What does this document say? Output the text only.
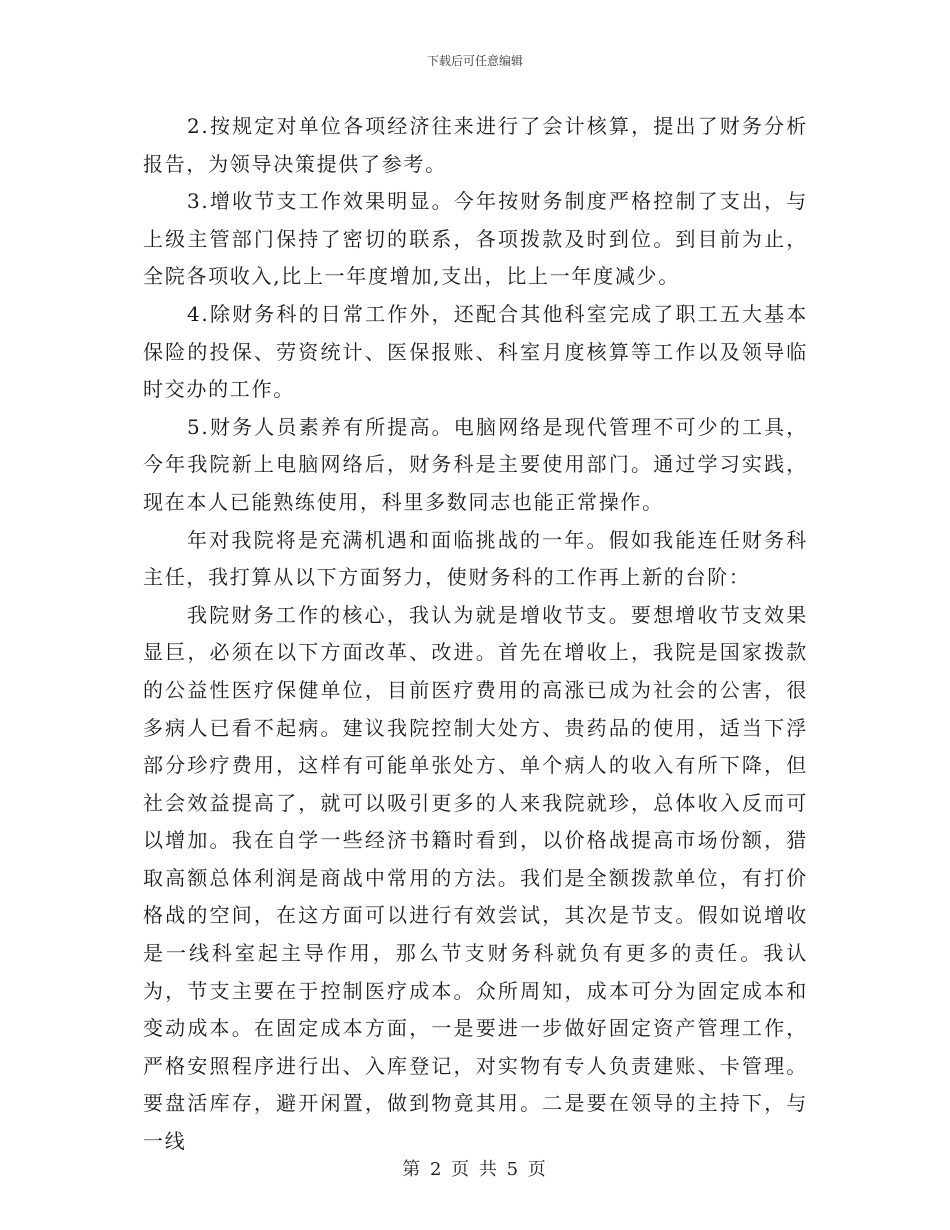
下载后可任意编辑

2.按规定对单位各项经济往来进行了会计核算，提出了财务分析报告，为领导决策提供了参考。

3.增收节支工作效果明显。今年按财务制度严格控制了支出，与上级主管部门保持了密切的联系，各项拨款及时到位。到目前为止，全院各项收入,比上一年度增加,支出，比上一年度减少。

4.除财务科的日常工作外，还配合其他科室完成了职工五大基本保险的投保、劳资统计、医保报账、科室月度核算等工作以及领导临时交办的工作。

5.财务人员素养有所提高。电脑网络是现代管理不可少的工具，今年我院新上电脑网络后，财务科是主要使用部门。通过学习实践，现在本人已能熟练使用，科里多数同志也能正常操作。

年对我院将是充满机遇和面临挑战的一年。假如我能连任财务科主任，我打算从以下方面努力，使财务科的工作再上新的台阶：

我院财务工作的核心，我认为就是增收节支。要想增收节支效果显巨，必须在以下方面改革、改进。首先在增收上，我院是国家拨款的公益性医疗保健单位，目前医疗费用的高涨已成为社会的公害，很多病人已看不起病。建议我院控制大处方、贵药品的使用，适当下浮部分珍疗费用，这样有可能单张处方、单个病人的收入有所下降，但社会效益提高了，就可以吸引更多的人来我院就珍，总体收入反而可以增加。我在自学一些经济书籍时看到，以价格战提高市场份额，猎取高额总体利润是商战中常用的方法。我们是全额拨款单位，有打价格战的空间，在这方面可以进行有效尝试，其次是节支。假如说增收是一线科室起主导作用，那么节支财务科就负有更多的责任。我认为，节支主要在于控制医疗成本。众所周知，成本可分为固定成本和变动成本。在固定成本方面，一是要进一步做好固定资产管理工作，严格安照程序进行出、入库登记，对实物有专人负责建账、卡管理。要盘活库存，避开闲置，做到物竟其用。二是要在领导的主持下，与一线

第 2 页 共 5 页
